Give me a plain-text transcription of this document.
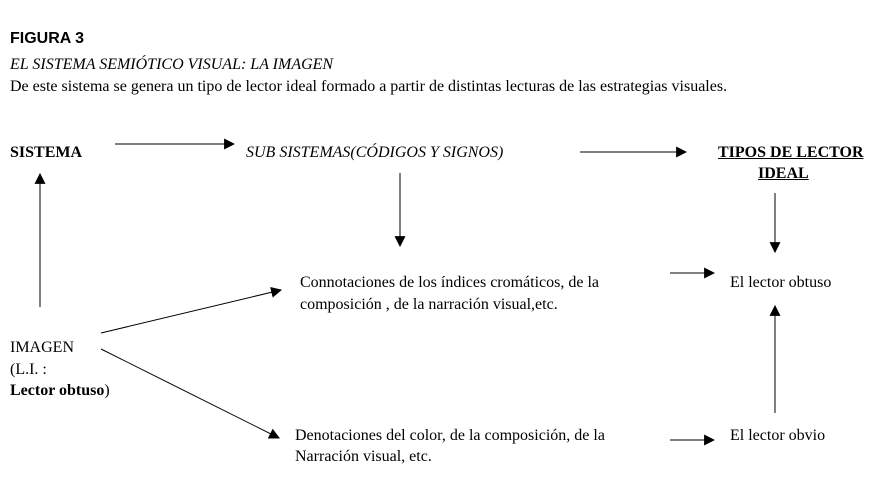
FIGURA 3
EL SISTEMA SEMIÓTICO VISUAL: LA IMAGEN
De este sistema se genera un tipo de lector ideal formado a partir de distintas lecturas de las estrategias visuales.
SISTEMA	SUB SISTEMAS(CÓDIGOS Y SIGNOS)	TIPOS DE LECTOR
IDEAL
Connotaciones de los índices cromáticos, de la
composición , de la narración visual,etc.
El lector obtuso
IMAGEN
(L.I. :
Lector obtuso)
Denotaciones del color, de la composición, de la
Narración visual, etc.
El lector obvio
